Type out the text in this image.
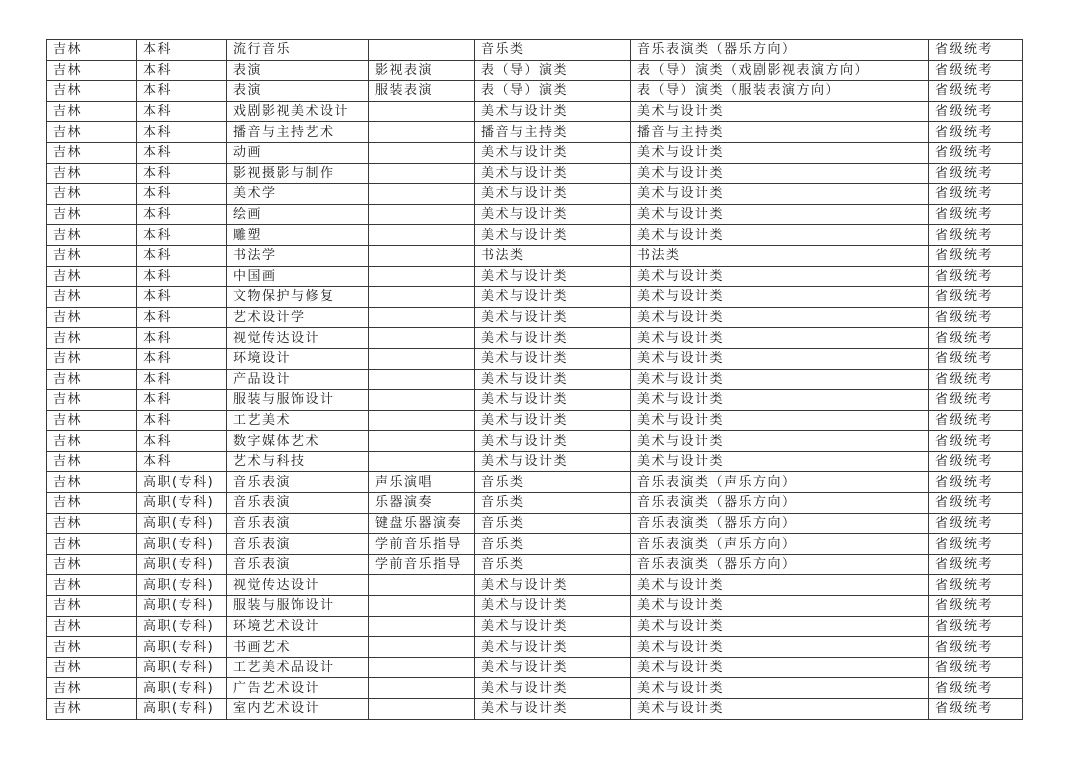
吉林	本科	流行音乐		音乐类	音乐表演类（器乐方向）	省级统考
吉林	本科	表演	影视表演	表（导）演类	表（导）演类（戏剧影视表演方向）	省级统考
吉林	本科	表演	服装表演	表（导）演类	表（导）演类（服装表演方向）	省级统考
吉林	本科	戏剧影视美术设计		美术与设计类	美术与设计类	省级统考
吉林	本科	播音与主持艺术		播音与主持类	播音与主持类	省级统考
吉林	本科	动画		美术与设计类	美术与设计类	省级统考
吉林	本科	影视摄影与制作		美术与设计类	美术与设计类	省级统考
吉林	本科	美术学		美术与设计类	美术与设计类	省级统考
吉林	本科	绘画		美术与设计类	美术与设计类	省级统考
吉林	本科	雕塑		美术与设计类	美术与设计类	省级统考
吉林	本科	书法学		书法类	书法类	省级统考
吉林	本科	中国画		美术与设计类	美术与设计类	省级统考
吉林	本科	文物保护与修复		美术与设计类	美术与设计类	省级统考
吉林	本科	艺术设计学		美术与设计类	美术与设计类	省级统考
吉林	本科	视觉传达设计		美术与设计类	美术与设计类	省级统考
吉林	本科	环境设计		美术与设计类	美术与设计类	省级统考
吉林	本科	产品设计		美术与设计类	美术与设计类	省级统考
吉林	本科	服装与服饰设计		美术与设计类	美术与设计类	省级统考
吉林	本科	工艺美术		美术与设计类	美术与设计类	省级统考
吉林	本科	数字媒体艺术		美术与设计类	美术与设计类	省级统考
吉林	本科	艺术与科技		美术与设计类	美术与设计类	省级统考
吉林	高职(专科)	音乐表演	声乐演唱	音乐类	音乐表演类（声乐方向）	省级统考
吉林	高职(专科)	音乐表演	乐器演奏	音乐类	音乐表演类（器乐方向）	省级统考
吉林	高职(专科)	音乐表演	键盘乐器演奏	音乐类	音乐表演类（器乐方向）	省级统考
吉林	高职(专科)	音乐表演	学前音乐指导	音乐类	音乐表演类（声乐方向）	省级统考
吉林	高职(专科)	音乐表演	学前音乐指导	音乐类	音乐表演类（器乐方向）	省级统考
吉林	高职(专科)	视觉传达设计		美术与设计类	美术与设计类	省级统考
吉林	高职(专科)	服装与服饰设计		美术与设计类	美术与设计类	省级统考
吉林	高职(专科)	环境艺术设计		美术与设计类	美术与设计类	省级统考
吉林	高职(专科)	书画艺术		美术与设计类	美术与设计类	省级统考
吉林	高职(专科)	工艺美术品设计		美术与设计类	美术与设计类	省级统考
吉林	高职(专科)	广告艺术设计		美术与设计类	美术与设计类	省级统考
吉林	高职(专科)	室内艺术设计		美术与设计类	美术与设计类	省级统考
